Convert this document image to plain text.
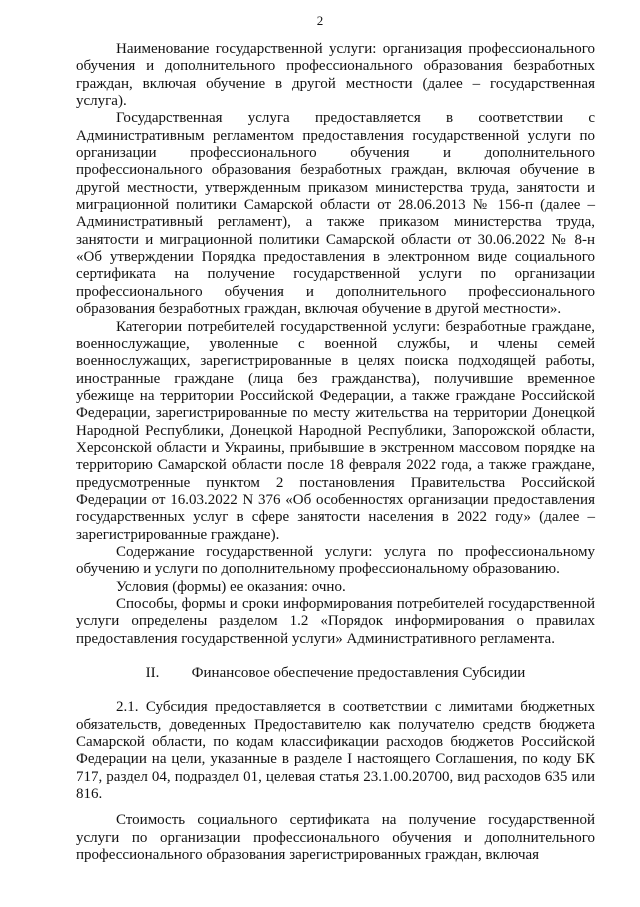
2

Наименование государственной услуги: организация профессионального обучения и дополнительного профессионального образования безработных граждан, включая обучение в другой местности (далее – государственная услуга).

Государственная услуга предоставляется в соответствии с Административным регламентом предоставления государственной услуги по организации профессионального обучения и дополнительного профессионального образования безработных граждан, включая обучение в другой местности, утвержденным приказом министерства труда, занятости и миграционной политики Самарской области от 28.06.2013 № 156-п (далее – Административный регламент), а также приказом министерства труда, занятости и миграционной политики Самарской области от 30.06.2022 № 8-н «Об утверждении Порядка предоставления в электронном виде социального сертификата на получение государственной услуги по организации профессионального обучения и дополнительного профессионального образования безработных граждан, включая обучение в другой местности».

Категории потребителей государственной услуги: безработные граждане, военнослужащие, уволенные с военной службы, и члены семей военнослужащих, зарегистрированные в целях поиска подходящей работы, иностранные граждане (лица без гражданства), получившие временное убежище на территории Российской Федерации, а также граждане Российской Федерации, зарегистрированные по месту жительства на территории Донецкой Народной Республики, Донецкой Народной Республики, Запорожской области, Херсонской области и Украины, прибывшие в экстренном массовом порядке на территорию Самарской области после 18 февраля 2022 года, а также граждане, предусмотренные пунктом 2 постановления Правительства Российской Федерации от 16.03.2022 N 376 «Об особенностях организации предоставления государственных услуг в сфере занятости населения в 2022 году» (далее – зарегистрированные граждане).

Содержание государственной услуги: услуга по профессиональному обучению и услуги по дополнительному профессиональному образованию.

Условия (формы) ее оказания: очно.

Способы, формы и сроки информирования потребителей государственной услуги определены разделом 1.2 «Порядок информирования о правилах предоставления государственной услуги» Административного регламента.

II. Финансовое обеспечение предоставления Субсидии

2.1. Субсидия предоставляется в соответствии с лимитами бюджетных обязательств, доведенных Предоставителю как получателю средств бюджета Самарской области, по кодам классификации расходов бюджетов Российской Федерации на цели, указанные в разделе I настоящего Соглашения, по коду БК 717, раздел 04, подраздел 01, целевая статья 23.1.00.20700, вид расходов 635 или 816.

Стоимость социального сертификата на получение государственной услуги по организации профессионального обучения и дополнительного профессионального образования зарегистрированных граждан, включая
